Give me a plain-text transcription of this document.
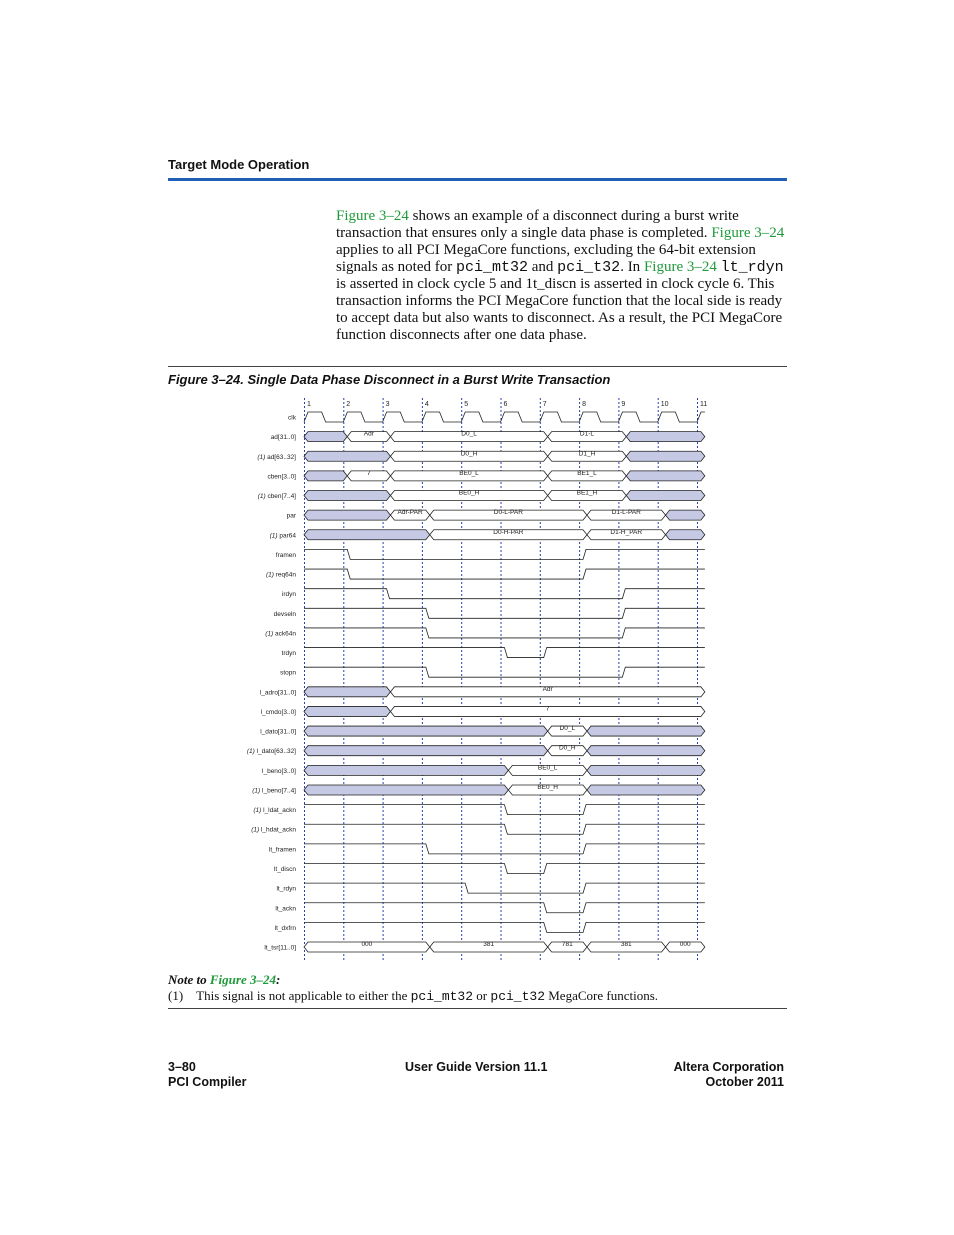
Target Mode Operation
Figure 3–24 shows an example of a disconnect during a burst write transaction that ensures only a single data phase is completed. Figure 3–24 applies to all PCI MegaCore functions, excluding the 64-bit extension signals as noted for pci_mt32 and pci_t32. In Figure 3–24 lt_rdyn is asserted in clock cycle 5 and 1t_discn is asserted in clock cycle 6. This transaction informs the PCI MegaCore function that the local side is ready to accept data but also wants to disconnect. As a result, the PCI MegaCore function disconnects after one data phase.
Figure 3–24. Single Data Phase Disconnect in a Burst Write Transaction
1	2	3	4	5	6	7	8	9	10	11
clk
ad[31..0]	Adr	D0_L	D1-L
(1) ad[63..32]	D0_H	D1_H
cben[3..0]	7	BE0_L	BE1_L
(1) cben[7..4]	BE0_H	BE1_H
par	Adr-PAR	D0-L-PAR	D1-L-PAR
(1) par64	D0-H-PAR	D1-H_PAR
framen
(1) req64n
irdyn
devseln
(1) ack64n
trdyn
stopn
l_adro[31..0]	Adr
l_cmdo[3..0]	7
l_dato[31..0]	D0_L
(1) l_dato[63..32]	D0_H
l_beno[3..0]	BE0_L
(1) l_beno[7..4]	BE0_H
(1) l_ldat_ackn
(1) l_hdat_ackn
lt_framen
lt_discn
lt_rdyn
lt_ackn
lt_dxfrn
lt_tsr[11..0]	000	381	781	381	000
Note to Figure 3–24:
(1) This signal is not applicable to either the pci_mt32 or pci_t32 MegaCore functions.
3–80
PCI Compiler
User Guide Version 11.1	Altera Corporation
October 2011
